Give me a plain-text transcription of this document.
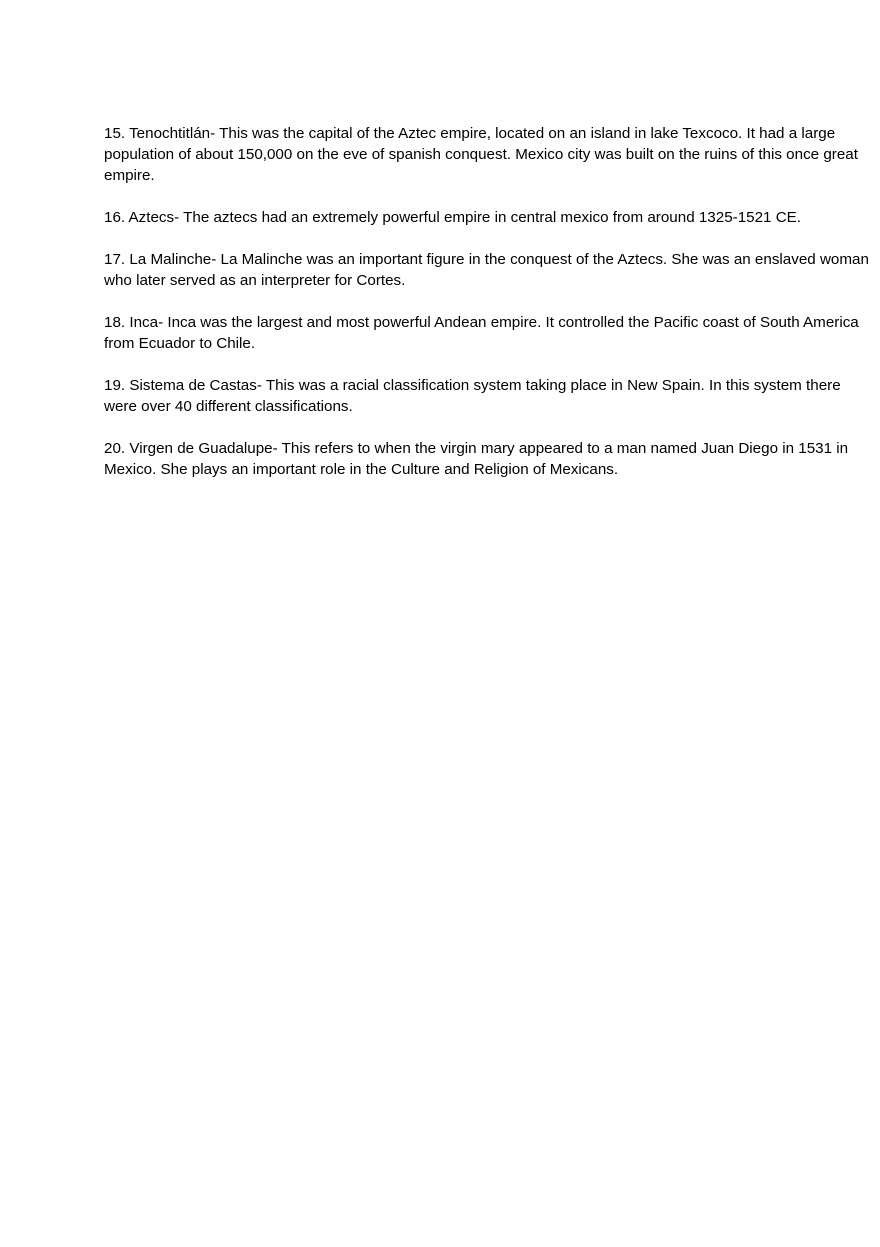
15. Tenochtitlán- This was the capital of the Aztec empire, located on an island in lake Texcoco. It had a large population of about 150,000 on the eve of spanish conquest. Mexico city was built on the ruins of this once great empire.

16. Aztecs- The aztecs had an extremely powerful empire in central mexico from around 1325-1521 CE.

17. La Malinche- La Malinche was an important figure in the conquest of the Aztecs. She was an enslaved woman who later served as an interpreter for Cortes.

18. Inca- Inca was the largest and most powerful Andean empire. It controlled the Pacific coast of South America from Ecuador to Chile.

19. Sistema de Castas- This was a racial classification system taking place in New Spain. In this system there were over 40 different classifications.

20. Virgen de Guadalupe- This refers to when the virgin mary appeared to a man named Juan Diego in 1531 in Mexico. She plays an important role in the Culture and Religion of Mexicans.
